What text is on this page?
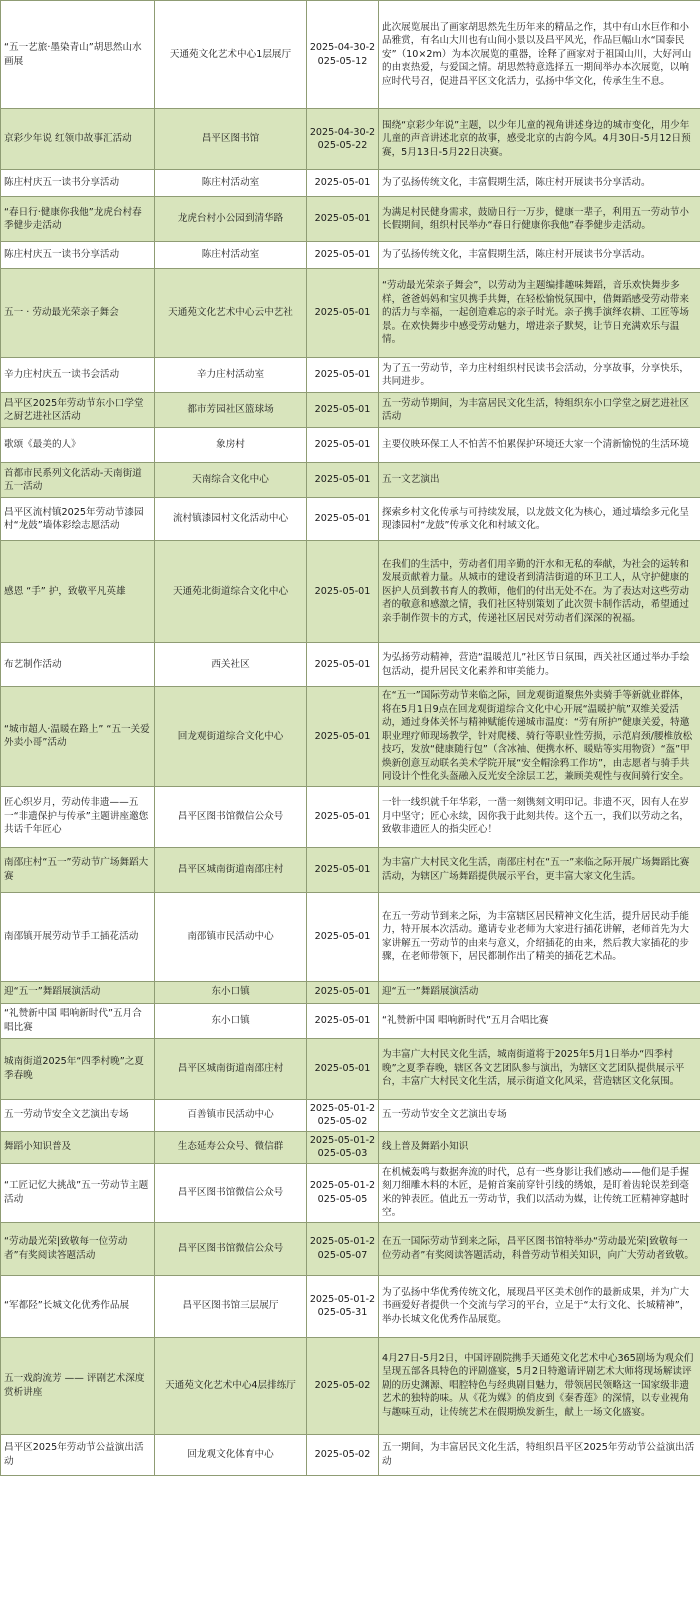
“五一艺旅·墨染青山”胡思然山水画展	天通苑文化艺术中心1层展厅	2025-04-30-2025-05-12	此次展览展出了画家胡思然先生历年来的精品之作，其中有山水巨作和小品雅赏，有名山大川也有山间小景以及昌平风光，作品巨幅山水“国泰民安”（10×2m）为本次展览的重器，诠释了画家对于祖国山川，大好河山的由衷热爱，与爱国之情。胡思然特意选择五一期间举办本次展览，以响应时代号召，促进昌平区文化活力，弘扬中华文化，传承生生不息。
京彩少年说 红领巾故事汇活动	昌平区图书馆	2025-04-30-2025-05-22	围绕“京彩少年说”主题，以少年儿童的视角讲述身边的城市变化，用少年儿童的声音讲述北京的故事，感受北京的古韵今风。4月30日-5月12日预赛，5月13日-5月22日决赛。
陈庄村庆五一读书分享活动	陈庄村活动室	2025-05-01	为了弘扬传统文化，丰富假期生活，陈庄村开展读书分享活动。
“春日行·健康你我他”龙虎台村春季健步走活动	龙虎台村小公园到清华路	2025-05-01	为满足村民健身需求，鼓励日行一万步，健康一辈子，利用五一劳动节小长假期间，组织村民举办“春日行健康你我他”春季健步走活动。
陈庄村庆五一读书分享活动	陈庄村活动室	2025-05-01	为了弘扬传统文化，丰富假期生活，陈庄村开展读书分享活动。
五一 · 劳动最光荣亲子舞会	天通苑文化艺术中心云中艺社	2025-05-01	“劳动最光荣亲子舞会”，以劳动为主题编排趣味舞蹈，音乐欢快舞步多样，爸爸妈妈和宝贝携手共舞，在轻松愉悦氛围中，借舞蹈感受劳动带来的活力与幸福，一起创造难忘的亲子时光。亲子携手演绎农耕、工匠等场景。在欢快舞步中感受劳动魅力，增进亲子默契，让节日充满欢乐与温情。
辛力庄村庆五一读书会活动	辛力庄村活动室	2025-05-01	为了五一劳动节，辛力庄村组织村民读书会活动，分享故事，分享快乐，共同进步。
昌平区2025年劳动节东小口学堂之厨艺进社区活动	都市芳园社区篮球场	2025-05-01	五一劳动节期间，为丰富居民文化生活，特组织东小口学堂之厨艺进社区活动
歌颂《最美的人》	象房村	2025-05-01	主要仪映环保工人不怕苦不怕累保护环境还大家一个清新愉悦的生活环境
首都市民系列文化活动-天南街道五一活动	天南综合文化中心	2025-05-01	五一文艺演出
昌平区流村镇2025年劳动节漆园村“龙鼓”墙体彩绘志愿活动	流村镇漆园村文化活动中心	2025-05-01	探索乡村文化传承与可持续发展，以龙鼓文化为核心，通过墙绘多元化呈现漆园村“龙鼓”传承文化和村域文化。
感恩 “手” 护，致敬平凡英雄	天通苑北街道综合文化中心	2025-05-01	在我们的生活中，劳动者们用辛勤的汗水和无私的奉献，为社会的运转和发展贡献着力量。从城市的建设者到清洁街道的环卫工人，从守护健康的医护人员到教书育人的教师，他们的付出无处不在。为了表达对这些劳动者的敬意和感激之情，我们社区特别策划了此次贺卡制作活动，希望通过亲手制作贺卡的方式，传递社区居民对劳动者们深深的祝福。
布艺制作活动	西关社区	2025-05-01	为弘扬劳动精神，营造“温暖范儿”社区节日氛围，西关社区通过举办手绘包活动，提升居民文化素养和审美能力。
“城市超人·温暖在路上” “五一关爱外卖小哥”活动	回龙观街道综合文化中心	2025-05-01	在“五一”国际劳动节来临之际，回龙观街道聚焦外卖骑手等新就业群体，将在5月1日9点在回龙观街道综合文化中心开展“温暖护航”双维关爱活动，通过身体关怀与精神赋能传递城市温度：“劳有所护”健康关爱，特邀职业理疗师现场教学，针对爬楼、骑行等职业性劳损，示范肩颈/腰椎放松技巧，发放“健康随行包”（含冰袖、便携水杯、暖贴等实用物资）“盔”甲焕新创意互动联名美术学院开展“安全帽涂鸦工作坊”，由志愿者与骑手共同设计个性化头盔融入反光安全涂层工艺，兼顾美观性与夜间骑行安全。
匠心织岁月，劳动传非遗——五一“非遗保护与传承”主题讲座邀您共话千年匠心	昌平区图书馆微信公众号	2025-05-01	一针一线织就千年华彩，一凿一刻镌刻文明印记。非遗不灭，因有人在岁月中坚守；匠心永续，因你我于此刻共传。这个五一，我们以劳动之名，致敬非遗匠人的指尖匠心！
南邵庄村“五一”劳动节广场舞蹈大赛	昌平区城南街道南邵庄村	2025-05-01	为丰富广大村民文化生活，南邵庄村在“五一”来临之际开展广场舞蹈比赛活动，为辖区广场舞蹈提供展示平台，更丰富大家文化生活。
南邵镇开展劳动节手工插花活动	南邵镇市民活动中心	2025-05-01	在五一劳动节到来之际，为丰富辖区居民精神文化生活，提升居民动手能力，特开展本次活动。邀请专业老师为大家进行插花讲解，老师首先为大家讲解五一劳动节的由来与意义，介绍插花的由来，然后教大家插花的步骤，在老师带领下，居民都制作出了精美的插花艺术品。
迎“五一”舞蹈展演活动	东小口镇	2025-05-01	迎“五一”舞蹈展演活动
“礼赞新中国 唱响新时代”五月合唱比赛	东小口镇	2025-05-01	“礼赞新中国 唱响新时代”五月合唱比赛
城南街道2025年“四季村晚”之夏季春晚	昌平区城南街道南邵庄村	2025-05-01	为丰富广大村民文化生活，城南街道将于2025年5月1日举办“四季村晚”之夏季春晚，辖区各文艺团队参与演出，为辖区文艺团队提供展示平台，丰富广大村民文化生活，展示街道文化风采，营造辖区文化氛围。
五一劳动节安全文艺演出专场	百善镇市民活动中心	2025-05-01-2025-05-02	五一劳动节安全文艺演出专场
舞蹈小知识普及	生态延寿公众号、微信群	2025-05-01-2025-05-03	线上普及舞蹈小知识
“工匠记忆大挑战”五一劳动节主题活动	昌平区图书馆微信公众号	2025-05-01-2025-05-05	在机械轰鸣与数据奔流的时代，总有一些身影让我们感动——他们是手握刻刀细雕木料的木匠，是俯首案前穿针引线的绣娘，是盯着齿轮误差到毫米的钟表匠。值此五一劳动节，我们以活动为媒，让传统工匠精神穿越时空。
“劳动最光荣|致敬每一位劳动者”有奖阅读答题活动	昌平区图书馆微信公众号	2025-05-01-2025-05-07	在五一国际劳动节到来之际，昌平区图书馆特举办“劳动最光荣|致敬每一位劳动者”有奖阅读答题活动，科普劳动节相关知识，向广大劳动者致敬。
“军都陉”长城文化优秀作品展	昌平区图书馆三层展厅	2025-05-01-2025-05-31	为了弘扬中华优秀传统文化，展现昌平区美术创作的最新成果，并为广大书画爱好者提供一个交流与学习的平台，立足于“太行文化、长城精神”，举办长城文化优秀作品展览。
五一戏韵流芳 —— 评剧艺术深度赏析讲座	天通苑文化艺术中心4层排练厅	2025-05-02	4月27日-5月2日，中国评剧院携手天通苑文化艺术中心365剧场为观众们呈现五部各具特色的评剧盛宴，5月2日特邀请评剧艺术大师将现场解读评剧的历史渊源、唱腔特色与经典剧目魅力，带领居民领略这一国家级非遗艺术的独特韵味。从《花为媒》的俏皮到《秦香莲》的深情，以专业视角与趣味互动，让传统艺术在假期焕发新生，献上一场文化盛宴。
昌平区2025年劳动节公益演出活动	回龙观文化体育中心	2025-05-02	五一期间，为丰富居民文化生活，特组织昌平区2025年劳动节公益演出活动
